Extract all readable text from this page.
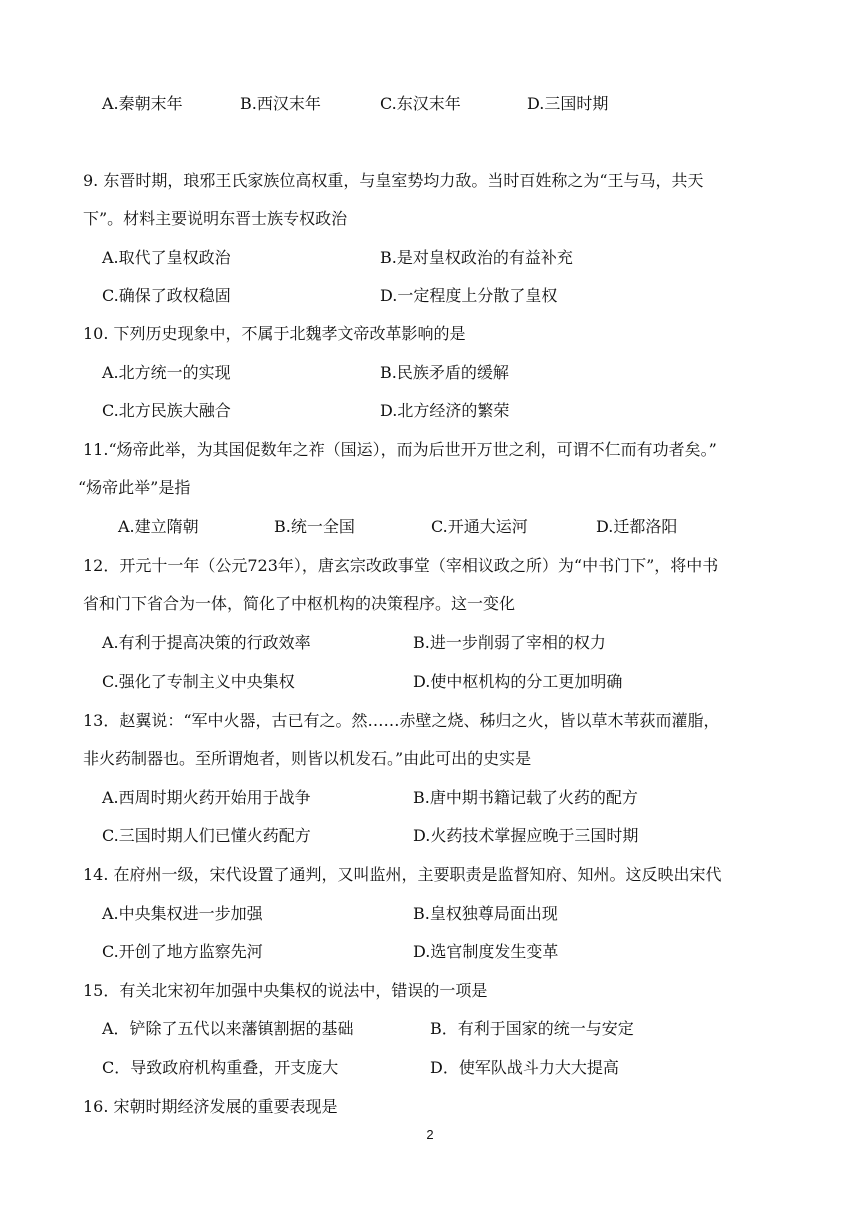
A.秦朝末年	B.西汉末年	C.东汉末年	D.三国时期
9. 东晋时期，琅邪王氏家族位高权重，与皇室势均力敌。当时百姓称之为“王与马，共天
下”。材料主要说明东晋士族专权政治
A.取代了皇权政治	B.是对皇权政治的有益补充
C.确保了政权稳固	D.一定程度上分散了皇权
10. 下列历史现象中，不属于北魏孝文帝改革影响的是
A.北方统一的实现	B.民族矛盾的缓解
C.北方民族大融合	D.北方经济的繁荣
11.“炀帝此举，为其国促数年之祚（国运），而为后世开万世之利，可谓不仁而有功者矣。”
“炀帝此举”是指
A.建立隋朝	B.统一全国	C.开通大运河	D.迁都洛阳
12．开元十一年（公元723年），唐玄宗改政事堂（宰相议政之所）为“中书门下”，将中书
省和门下省合为一体，简化了中枢机构的决策程序。这一变化
A.有利于提高决策的行政效率	B.进一步削弱了宰相的权力
C.强化了专制主义中央集权	D.使中枢机构的分工更加明确
13．赵翼说：“军中火器，古已有之。然……赤壁之烧、秭归之火，皆以草木苇荻而灌脂，
非火药制器也。至所谓炮者，则皆以机发石。”由此可出的史实是
A.西周时期火药开始用于战争	B.唐中期书籍记载了火药的配方
C.三国时期人们已懂火药配方	D.火药技术掌握应晚于三国时期
14. 在府州一级，宋代设置了通判，又叫监州，主要职责是监督知府、知州。这反映出宋代
A.中央集权进一步加强	B.皇权独尊局面出现
C.开创了地方监察先河	D.选官制度发生变革
15．有关北宋初年加强中央集权的说法中，错误的一项是
A．铲除了五代以来藩镇割据的基础	B．有利于国家的统一与安定
C．导致政府机构重叠，开支庞大	D．使军队战斗力大大提高
16. 宋朝时期经济发展的重要表现是
2
